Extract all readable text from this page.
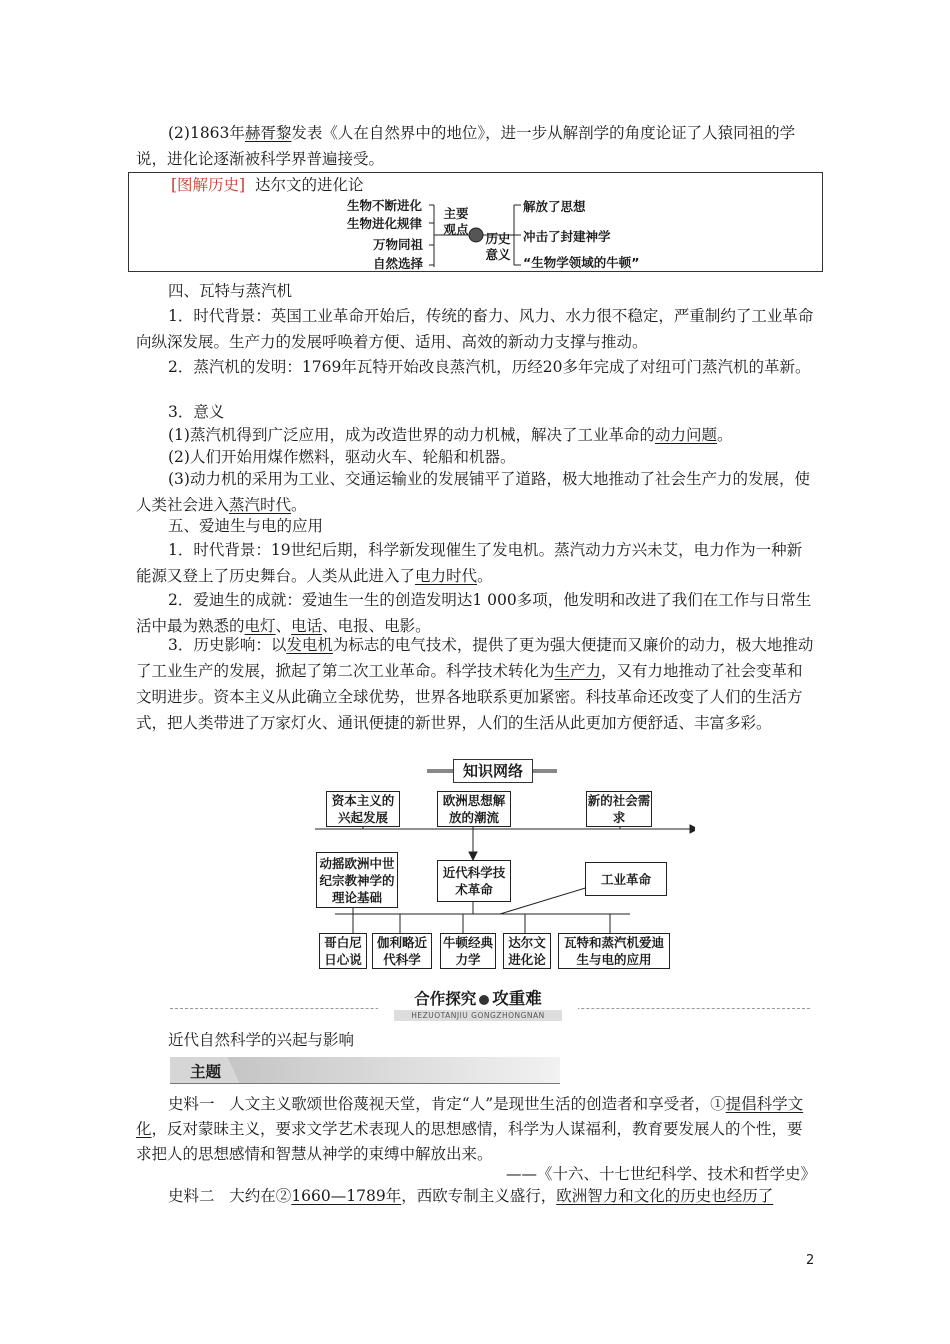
(2)1863年赫胥黎发表《人在自然界中的地位》，进一步从解剖学的角度论证了人猿同祖的学说，进化论逐渐被科学界普遍接受。
[图解历史] 达尔文的进化论
生物不断进化
生物进化规律
万物同祖
自然选择
主要观点
历史意义
解放了思想
冲击了封建神学
“生物学领域的牛顿”
四、瓦特与蒸汽机
1．时代背景：英国工业革命开始后，传统的畜力、风力、水力很不稳定，严重制约了工业革命向纵深发展。生产力的发展呼唤着方便、适用、高效的新动力支撑与推动。
2．蒸汽机的发明：1769年瓦特开始改良蒸汽机，历经20多年完成了对纽可门蒸汽机的革新。
3．意义
(1)蒸汽机得到广泛应用，成为改造世界的动力机械，解决了工业革命的动力问题。
(2)人们开始用煤作燃料，驱动火车、轮船和机器。
(3)动力机的采用为工业、交通运输业的发展铺平了道路，极大地推动了社会生产力的发展，使人类社会进入蒸汽时代。
五、爱迪生与电的应用
1．时代背景：19世纪后期，科学新发现催生了发电机。蒸汽动力方兴未艾，电力作为一种新能源又登上了历史舞台。人类从此进入了电力时代。
2．爱迪生的成就：爱迪生一生的创造发明达1 000多项，他发明和改进了我们在工作与日常生活中最为熟悉的电灯、电话、电报、电影。
3．历史影响：以发电机为标志的电气技术，提供了更为强大便捷而又廉价的动力，极大地推动了工业生产的发展，掀起了第二次工业革命。科学技术转化为生产力，又有力地推动了社会变革和文明进步。资本主义从此确立全球优势，世界各地联系更加紧密。科技革命还改变了人们的生活方式，把人类带进了万家灯火、通讯便捷的新世界，人们的生活从此更加方便舒适、丰富多彩。
知识网络
资本主义的兴起发展
欧洲思想解放的潮流
新的社会需求
动摇欧洲中世纪宗教神学的理论基础
近代科学技术革命
工业革命
哥白尼日心说
伽利略近代科学
牛顿经典力学
达尔文进化论
瓦特和蒸汽机爱迪生与电的应用
合作探究 攻重难
HEZUOTANJIU GONGZHONGNAN
近代自然科学的兴起与影响
主题
史料一 人文主义歌颂世俗蔑视天堂，肯定“人”是现世生活的创造者和享受者，①提倡科学文化，反对蒙昧主义，要求文学艺术表现人的思想感情，科学为人谋福利，教育要发展人的个性，要求把人的思想感情和智慧从神学的束缚中解放出来。
——《十六、十七世纪科学、技术和哲学史》
史料二 大约在②1660—1789年，西欧专制主义盛行，欧洲智力和文化的历史也经历了
2
